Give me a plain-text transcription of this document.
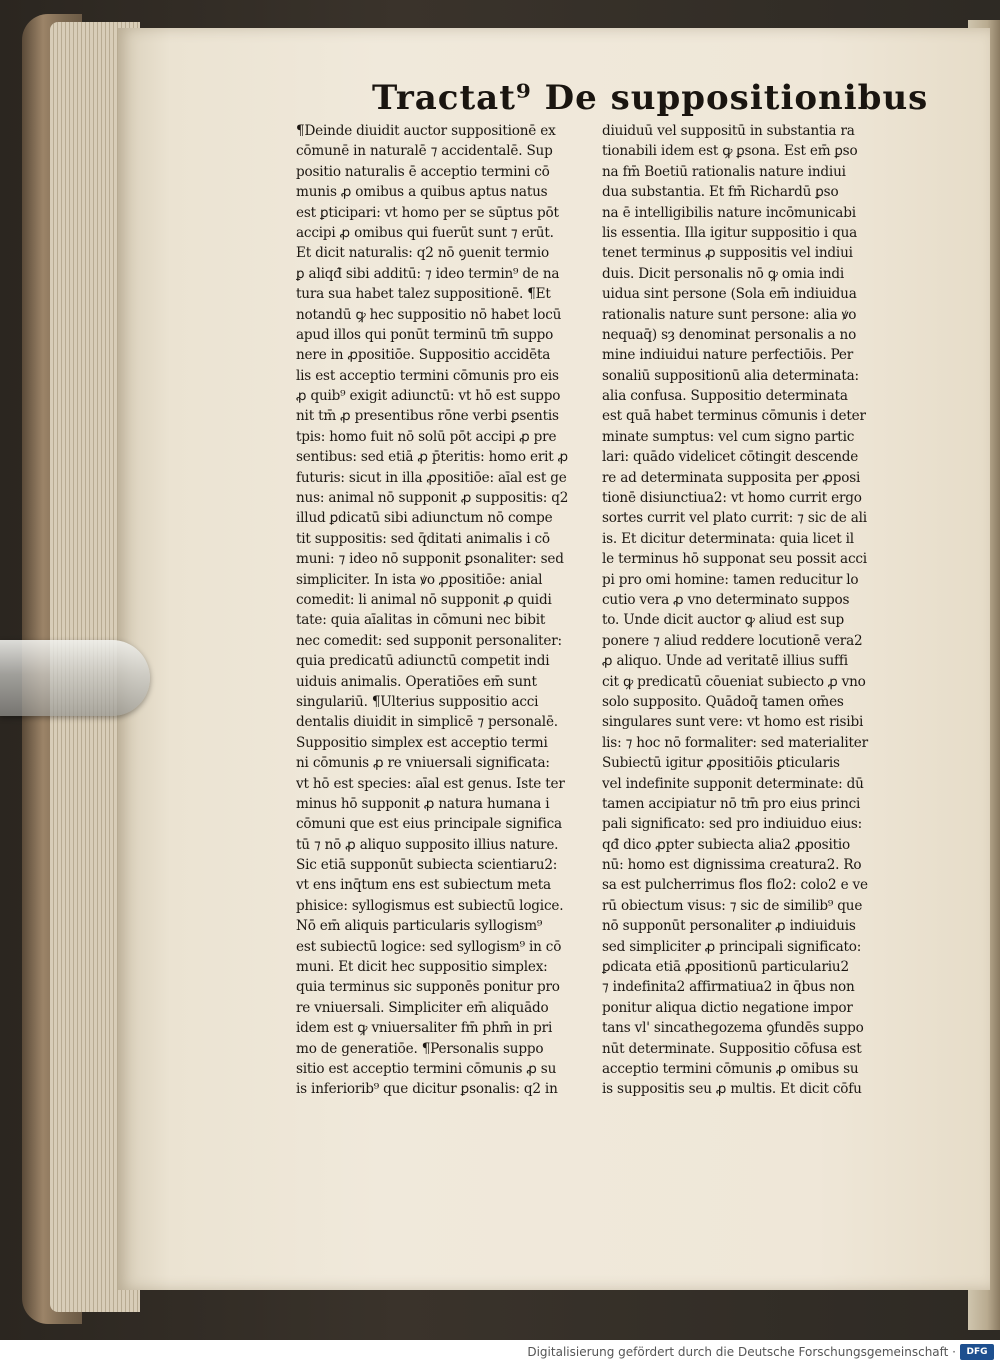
Tractat⁹ De suppositionibus
¶Deinde diuidit auctor suppositionē ex
cōmunē in naturalē ⁊ accidentalē. Sup
positio naturalis ē acceptio termini cō
munis ꝓ omibus a quibus aptus natus
est ꝑticipari: vt homo per se sūptus pōt
accipi ꝓ omibus qui fuerūt sunt ⁊ erūt.
Et dicit naturalis: q2 nō ꝯuenit termio
ꝑ aliqđ sibi additū: ⁊ ideo termin⁹ de na
tura sua habet talez suppositionē. ¶Et
notandū ꝙ hec suppositio nō habet locū
apud illos qui ponūt terminū tm̄ suppo
nere in ꝓpositiōe. Suppositio accidēta
lis est acceptio termini cōmunis pro eis
ꝓ quib⁹ exigit adiunctū: vt hō est suppo
nit tm̄ ꝓ presentibus rōne verbi ꝑsentis
tpis: homo fuit nō solū pōt accipi ꝓ pre
sentibus: sed etiā ꝓ p̄teritis: homo erit ꝓ
futuris: sicut in illa ꝓpositiōe: aīal est ge
nus: animal nō supponit ꝓ suppositis: q2
illud ꝑdicatū sibi adiunctum nō compe
tit suppositis: sed q̄ditati animalis i cō
muni: ⁊ ideo nō supponit ꝑsonaliter: sed
simpliciter. In ista ꝟo ꝓpositiōe: anial
comedit: li animal nō supponit ꝓ quidi
tate: quia aīalitas in cōmuni nec bibit
nec comedit: sed supponit personaliter:
quia predicatū adiunctū competit indi
uiduis animalis. Operatiōes em̄ sunt
singulariū. ¶Ulterius suppositio acci
dentalis diuidit in simplicē ⁊ personalē.
Suppositio simplex est acceptio termi
ni cōmunis ꝓ re vniuersali significata:
vt hō est species: aīal est genus. Iste ter
minus hō supponit ꝓ natura humana i
cōmuni que est eius principale significa
tū ⁊ nō ꝓ aliquo supposito illius nature.
Sic etiā supponūt subiecta scientiaru2:
vt ens inq̄tum ens est subiectum meta
phisice: syllogismus est subiectū logice.
Nō em̄ aliquis particularis syllogism⁹
est subiectū logice: sed syllogism⁹ in cō
muni. Et dicit hec suppositio simplex:
quia terminus sic supponēs ponitur pro
re vniuersali. Simpliciter em̄ aliquādo
idem est ꝙ vniuersaliter fm̄ phm̄ in pri
mo de generatiōe. ¶Personalis suppo
sitio est acceptio termini cōmunis ꝓ su
is inferiorib⁹ que dicitur ꝑsonalis: q2 in
diuiduū vel suppositū in substantia ra
tionabili idem est ꝙ ꝑsona. Est em̄ ꝑso
na fm̄ Boetiū rationalis nature indiui
dua substantia. Et fm̄ Richardū ꝑso
na ē intelligibilis nature incōmunicabi
lis essentia. Illa igitur suppositio i qua
tenet terminus ꝓ suppositis vel indiui
duis. Dicit personalis nō ꝙ omia indi
uidua sint persone (Sola em̄ indiuidua
rationalis nature sunt persone: alia ꝟo
nequaq̄) sȝ denominat personalis a no
mine indiuidui nature perfectiōis. Per
sonaliū suppositionū alia determinata:
alia confusa. Suppositio determinata
est quā habet terminus cōmunis i deter
minate sumptus: vel cum signo partic
lari: quādo videlicet cōtingit descende
re ad determinata supposita per ꝓposi
tionē disiunctiua2: vt homo currit ergo
sortes currit vel plato currit: ⁊ sic de ali
is. Et dicitur determinata: quia licet il
le terminus hō supponat seu possit acci
pi pro omi homine: tamen reducitur lo
cutio vera ꝓ vno determinato suppos
to. Unde dicit auctor ꝙ aliud est sup
ponere ⁊ aliud reddere locutionē vera2
ꝓ aliquo. Unde ad veritatē illius suffi
cit ꝙ predicatū cōueniat subiecto ꝓ vno
solo supposito. Quādoq̄ tamen om̄es
singulares sunt vere: vt homo est risibi
lis: ⁊ hoc nō formaliter: sed materialiter
Subiectū igitur ꝓpositiōis ꝑticularis
vel indefinite supponit determinate: dū
tamen accipiatur nō tm̄ pro eius princi
pali significato: sed pro indiuiduo eius:
qđ dico ꝓpter subiecta alia2 ꝓpositio
nū: homo est dignissima creatura2. Ro
sa est pulcherrimus flos flo2: colo2 e ve
rū obiectum visus: ⁊ sic de similib⁹ que
nō supponūt personaliter ꝓ indiuiduis
sed simpliciter ꝓ principali significato:
ꝑdicata etiā ꝓpositionū particulariu2
⁊ indefinita2 affirmatiua2 in q̄bus non
ponitur aliqua dictio negatione impor
tans vl' sincathegozema ꝯfundēs suppo
nūt determinate. Suppositio cōfusa est
acceptio termini cōmunis ꝓ omibus su
is suppositis seu ꝓ multis. Et dicit cōfu
Digitalisierung gefördert durch die Deutsche Forschungsgemeinschaft ·	DFG
